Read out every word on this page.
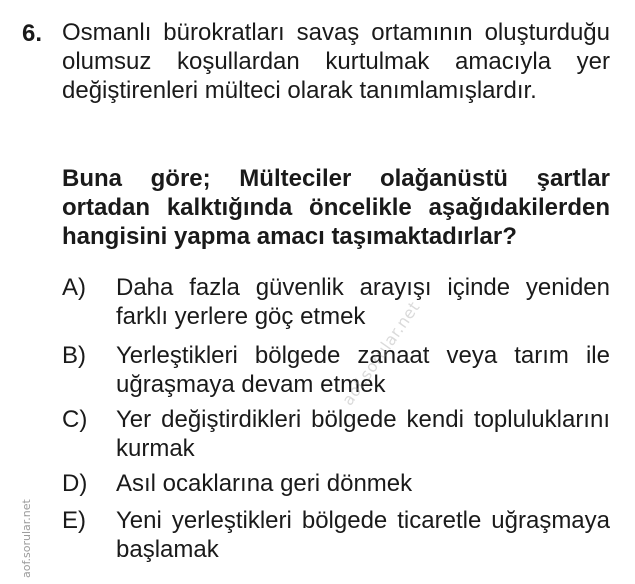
6. Osmanlı bürokratları savaş ortamının oluşturduğu olumsuz koşullardan kurtulmak amacıyla yer değiştirenleri mülteci olarak tanımlamışlardır.
Buna göre; Mülteciler olağanüstü şartlar ortadan kalktığında öncelikle aşağıdakilerden hangisini yapma amacı taşımaktadırlar?
A)	Daha fazla güvenlik arayışı içinde yeniden farklı yerlere göç etmek
B)	Yerleştikleri bölgede zanaat veya tarım ile uğraşmaya devam etmek
C)	Yer değiştirdikleri bölgede kendi topluluklarını kurmak
D)	Asıl ocaklarına geri dönmek
E)	Yeni yerleştikleri bölgede ticaretle uğraşmaya başlamak
aof.sorular.net
aof.sorular.net
